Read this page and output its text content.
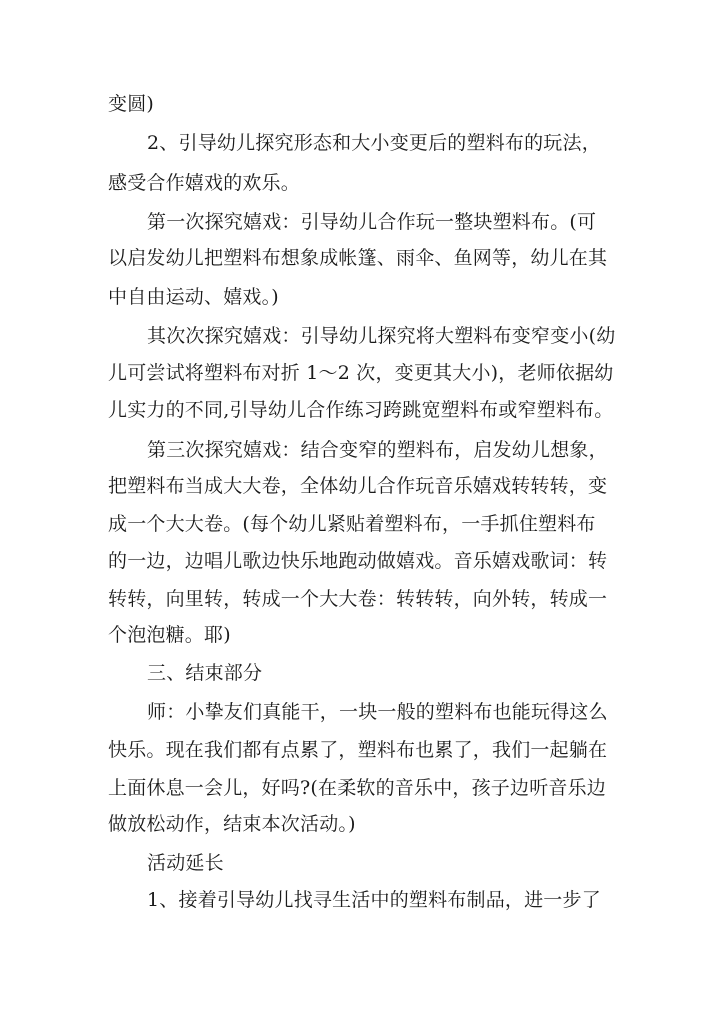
变圆)
2、引导幼儿探究形态和大小变更后的塑料布的玩法，
感受合作嬉戏的欢乐。
第一次探究嬉戏：引导幼儿合作玩一整块塑料布。(可
以启发幼儿把塑料布想象成帐篷、雨伞、鱼网等，幼儿在其
中自由运动、嬉戏。)
其次次探究嬉戏：引导幼儿探究将大塑料布变窄变小(幼
儿可尝试将塑料布对折 1～2 次，变更其大小)，老师依据幼
儿实力的不同,引导幼儿合作练习跨跳宽塑料布或窄塑料布。
第三次探究嬉戏：结合变窄的塑料布，启发幼儿想象，
把塑料布当成大大卷，全体幼儿合作玩音乐嬉戏转转转，变
成一个大大卷。(每个幼儿紧贴着塑料布，一手抓住塑料布
的一边，边唱儿歌边快乐地跑动做嬉戏。音乐嬉戏歌词：转
转转，向里转，转成一个大大卷：转转转，向外转，转成一
个泡泡糖。耶)
三、结束部分
师：小挚友们真能干，一块一般的塑料布也能玩得这么
快乐。现在我们都有点累了，塑料布也累了，我们一起躺在
上面休息一会儿，好吗?(在柔软的音乐中，孩子边听音乐边
做放松动作，结束本次活动。)
活动延长
1、接着引导幼儿找寻生活中的塑料布制品，进一步了
